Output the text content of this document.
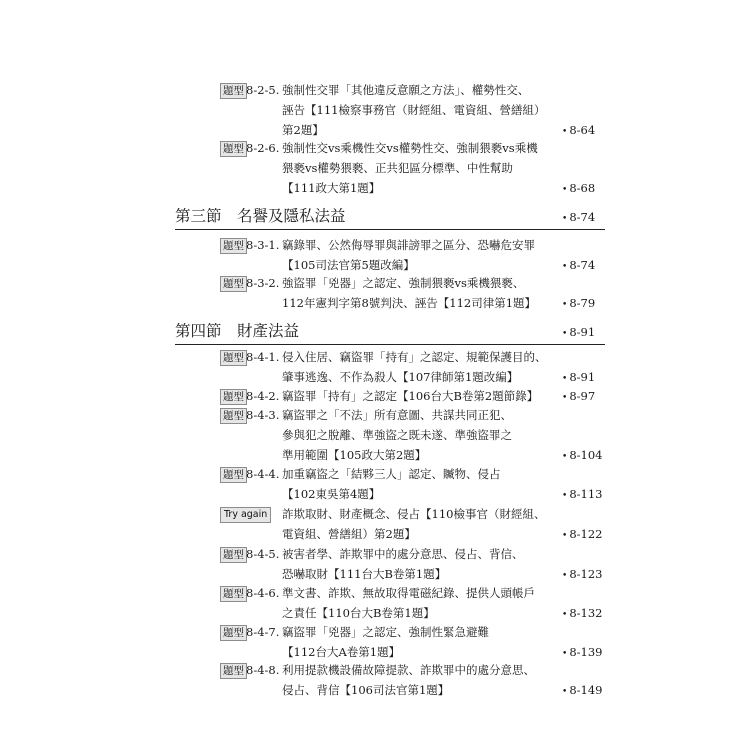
題型 8-2-5. 強制性交罪「其他違反意願之方法」、權勢性交、
誣告【111檢察事務官（財經組、電資組、營繕組）
第2題】	• 8-64
題型 8-2-6. 強制性交vs乘機性交vs權勢性交、強制猥褻vs乘機
猥褻vs權勢猥褻、正共犯區分標準、中性幫助
【111政大第1題】	• 8-68
第三節　名譽及隱私法益	• 8-74
題型 8-3-1. 竊錄罪、公然侮辱罪與誹謗罪之區分、恐嚇危安罪
【105司法官第5題改編】	• 8-74
題型 8-3-2. 強盜罪「兇器」之認定、強制猥褻vs乘機猥褻、
112年憲判字第8號判決、誣告【112司律第1題】	• 8-79
第四節　財產法益	• 8-91
題型 8-4-1. 侵入住居、竊盜罪「持有」之認定、規範保護目的、
肇事逃逸、不作為殺人【107律師第1題改編】	• 8-91
題型 8-4-2. 竊盜罪「持有」之認定【106台大B卷第2題節錄】	• 8-97
題型 8-4-3. 竊盜罪之「不法」所有意圖、共謀共同正犯、
參與犯之脫離、準強盜之既未遂、準強盜罪之
準用範圍【105政大第2題】	• 8-104
題型 8-4-4. 加重竊盜之「結夥三人」認定、贓物、侵占
【102東吳第4題】	• 8-113
Try again	詐欺取財、財產概念、侵占【110檢事官（財經組、
電資組、營繕組）第2題】	• 8-122
題型 8-4-5. 被害者學、詐欺罪中的處分意思、侵占、背信、
恐嚇取財【111台大B卷第1題】	• 8-123
題型 8-4-6. 準文書、詐欺、無故取得電磁紀錄、提供人頭帳戶
之責任【110台大B卷第1題】	• 8-132
題型 8-4-7. 竊盜罪「兇器」之認定、強制性緊急避難
【112台大A卷第1題】	• 8-139
題型 8-4-8. 利用提款機設備故障提款、詐欺罪中的處分意思、
侵占、背信【106司法官第1題】	• 8-149
